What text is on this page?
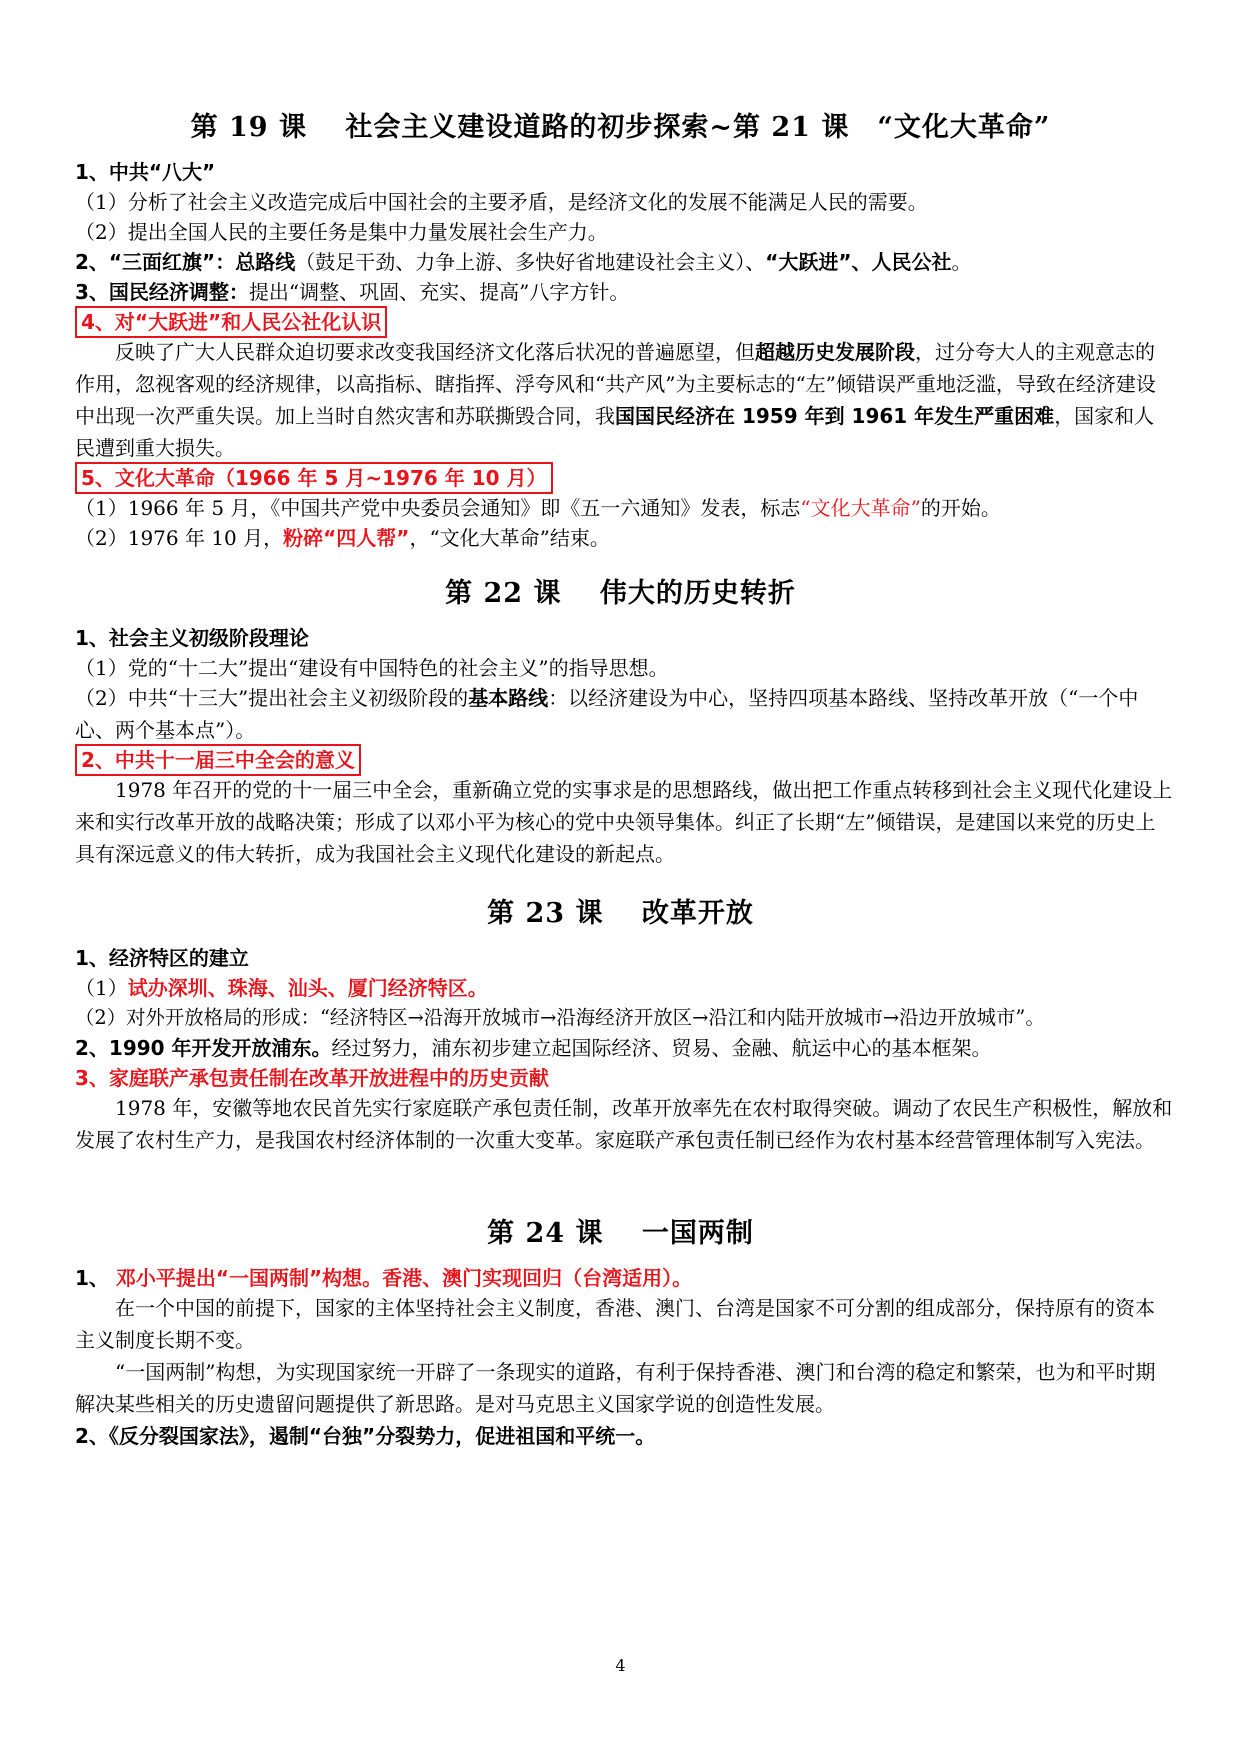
第 19 课　 社会主义建设道路的初步探索~第 21 课　“文化大革命”
1、中共“八大”
（1）分析了社会主义改造完成后中国社会的主要矛盾，是经济文化的发展不能满足人民的需要。
（2）提出全国人民的主要任务是集中力量发展社会生产力。
2、“三面红旗”：总路线（鼓足干劲、力争上游、多快好省地建设社会主义）、“大跃进”、人民公社。
3、国民经济调整：提出“调整、巩固、充实、提高”八字方针。
4、对“大跃进”和人民公社化认识
反映了广大人民群众迫切要求改变我国经济文化落后状况的普遍愿望，但超越历史发展阶段，过分夸大人的主观意志的作用，忽视客观的经济规律，以高指标、瞎指挥、浮夸风和“共产风”为主要标志的“左”倾错误严重地泛滥，导致在经济建设中出现一次严重失误。加上当时自然灾害和苏联撕毁合同，我国国民经济在 1959 年到 1961 年发生严重困难，国家和人民遭到重大损失。
5、文化大革命（1966 年 5 月~1976 年 10 月）
（1）1966 年 5 月，《中国共产党中央委员会通知》即《五一六通知》发表，标志“文化大革命”的开始。
（2）1976 年 10 月，粉碎“四人帮”，“文化大革命”结束。
第 22 课　 伟大的历史转折
1、社会主义初级阶段理论
（1）党的“十二大”提出“建设有中国特色的社会主义”的指导思想。
（2）中共“十三大”提出社会主义初级阶段的基本路线：以经济建设为中心，坚持四项基本路线、坚持改革开放（“一个中心、两个基本点”）。
2、中共十一届三中全会的意义
1978 年召开的党的十一届三中全会，重新确立党的实事求是的思想路线，做出把工作重点转移到社会主义现代化建设上来和实行改革开放的战略决策；形成了以邓小平为核心的党中央领导集体。纠正了长期“左”倾错误，是建国以来党的历史上具有深远意义的伟大转折，成为我国社会主义现代化建设的新起点。
第 23 课　 改革开放
1、经济特区的建立
（1）试办深圳、珠海、汕头、厦门经济特区。
（2）对外开放格局的形成：“经济特区→沿海开放城市→沿海经济开放区→沿江和内陆开放城市→沿边开放城市”。
2、1990 年开发开放浦东。经过努力，浦东初步建立起国际经济、贸易、金融、航运中心的基本框架。
3、家庭联产承包责任制在改革开放进程中的历史贡献
1978 年，安徽等地农民首先实行家庭联产承包责任制，改革开放率先在农村取得突破。调动了农民生产积极性，解放和发展了农村生产力，是我国农村经济体制的一次重大变革。家庭联产承包责任制已经作为农村基本经营管理体制写入宪法。
第 24 课　 一国两制
1、 邓小平提出“一国两制”构想。香港、澳门实现回归（台湾适用）。
在一个中国的前提下，国家的主体坚持社会主义制度，香港、澳门、台湾是国家不可分割的组成部分，保持原有的资本主义制度长期不变。
“一国两制”构想，为实现国家统一开辟了一条现实的道路，有利于保持香港、澳门和台湾的稳定和繁荣，也为和平时期解决某些相关的历史遗留问题提供了新思路。是对马克思主义国家学说的创造性发展。
2、《反分裂国家法》，遏制“台独”分裂势力，促进祖国和平统一。
4
